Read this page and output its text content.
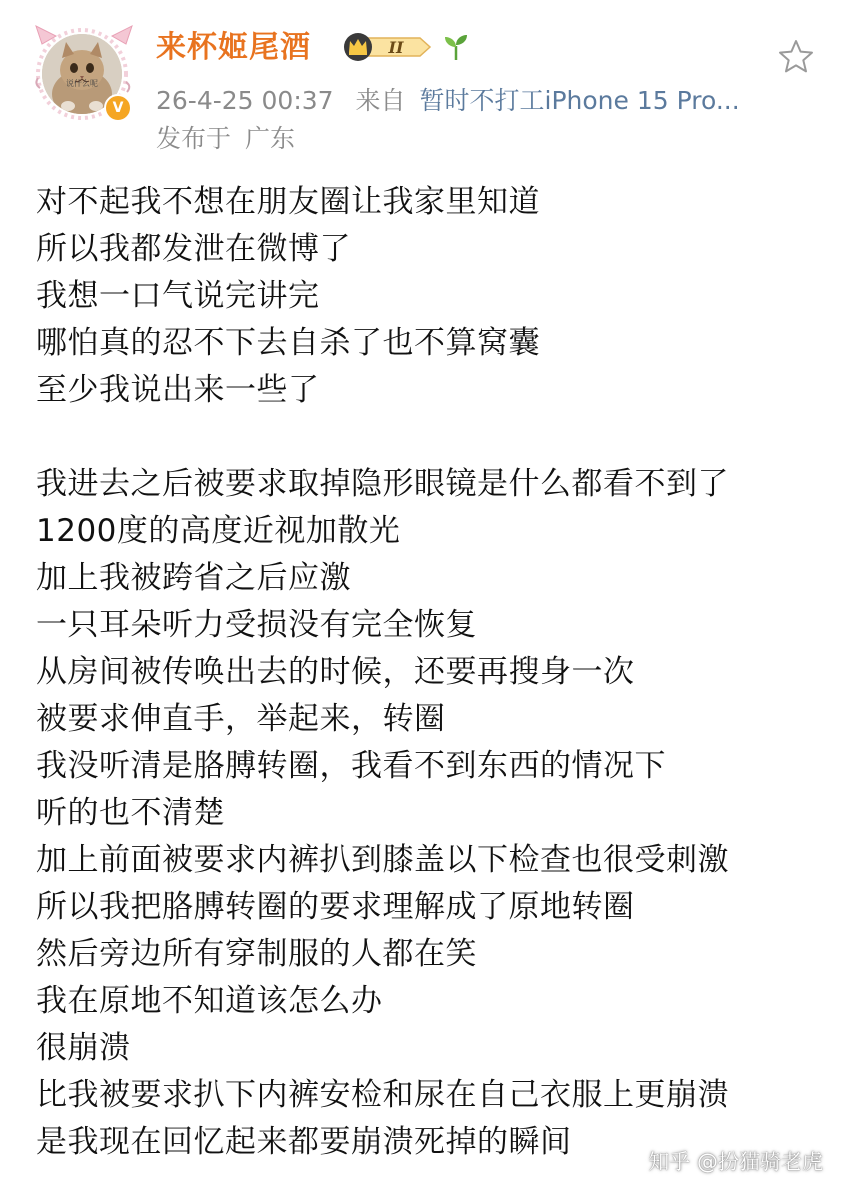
说什么呢
V
来杯姬尾酒	II
26-4-25 00:37 来自 暂时不打工iPhone 15 Pro...
发布于 广东
对不起我不想在朋友圈让我家里知道
所以我都发泄在微博了
我想一口气说完讲完
哪怕真的忍不下去自杀了也不算窝囊
至少我说出来一些了
我进去之后被要求取掉隐形眼镜是什么都看不到了
1200度的高度近视加散光
加上我被跨省之后应激
一只耳朵听力受损没有完全恢复
从房间被传唤出去的时候，还要再搜身一次
被要求伸直手，举起来，转圈
我没听清是胳膊转圈，我看不到东西的情况下
听的也不清楚
加上前面被要求内裤扒到膝盖以下检查也很受刺激
所以我把胳膊转圈的要求理解成了原地转圈
然后旁边所有穿制服的人都在笑
我在原地不知道该怎么办
很崩溃
比我被要求扒下内裤安检和尿在自己衣服上更崩溃
是我现在回忆起来都要崩溃死掉的瞬间
知乎 @扮猫骑老虎
